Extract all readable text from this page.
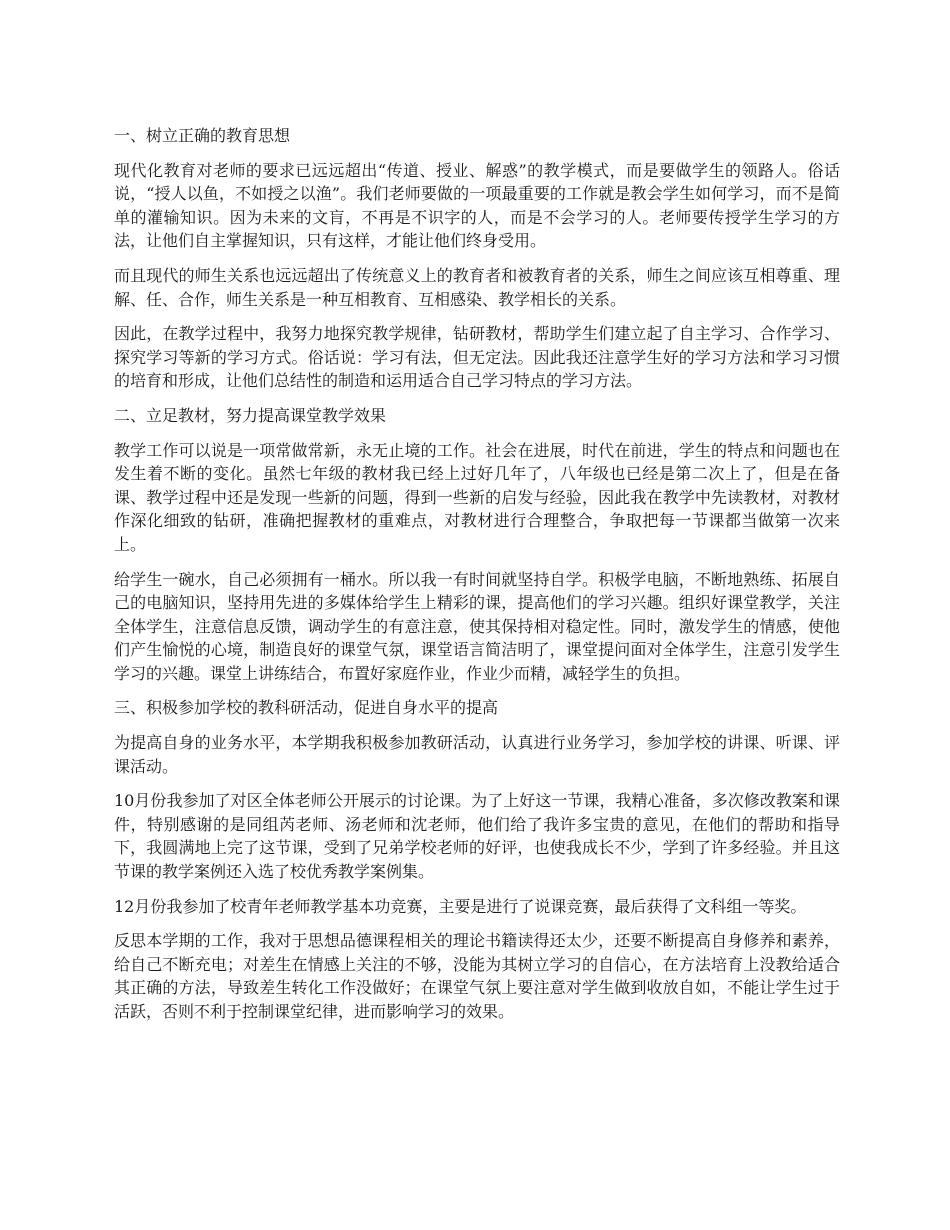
一、树立正确的教育思想

现代化教育对老师的要求已远远超出“传道、授业、解惑”的教学模式，而是要做学生的领路人。俗话说，“授人以鱼，不如授之以渔”。我们老师要做的一项最重要的工作就是教会学生如何学习，而不是简单的灌输知识。因为未来的文肓，不再是不识字的人，而是不会学习的人。老师要传授学生学习的方法，让他们自主掌握知识，只有这样，才能让他们终身受用。

而且现代的师生关系也远远超出了传统意义上的教育者和被教育者的关系，师生之间应该互相尊重、理解、任、合作，师生关系是一种互相教育、互相感染、教学相长的关系。

因此，在教学过程中，我努力地探究教学规律，钻研教材，帮助学生们建立起了自主学习、合作学习、探究学习等新的学习方式。俗话说：学习有法，但无定法。因此我还注意学生好的学习方法和学习习惯的培育和形成，让他们总结性的制造和运用适合自己学习特点的学习方法。

二、立足教材，努力提高课堂教学效果

教学工作可以说是一项常做常新，永无止境的工作。社会在进展，时代在前进，学生的特点和问题也在发生着不断的变化。虽然七年级的教材我已经上过好几年了，八年级也已经是第二次上了，但是在备课、教学过程中还是发现一些新的问题，得到一些新的启发与经验，因此我在教学中先读教材，对教材作深化细致的钻研，准确把握教材的重难点，对教材进行合理整合，争取把每一节课都当做第一次来上。

给学生一碗水，自己必须拥有一桶水。所以我一有时间就坚持自学。积极学电脑，不断地熟练、拓展自己的电脑知识，坚持用先进的多媒体给学生上精彩的课，提高他们的学习兴趣。组织好课堂教学，关注全体学生，注意信息反馈，调动学生的有意注意，使其保持相对稳定性。同时，激发学生的情感，使他们产生愉悦的心境，制造良好的课堂气氛，课堂语言简洁明了，课堂提问面对全体学生，注意引发学生学习的兴趣。课堂上讲练结合，布置好家庭作业，作业少而精，减轻学生的负担。

三、积极参加学校的教科研活动，促进自身水平的提高

为提高自身的业务水平，本学期我积极参加教研活动，认真进行业务学习，参加学校的讲课、听课、评课活动。

10月份我参加了对区全体老师公开展示的讨论课。为了上好这一节课，我精心准备，多次修改教案和课件，特别感谢的是同组芮老师、汤老师和沈老师，他们给了我许多宝贵的意见，在他们的帮助和指导下，我圆满地上完了这节课，受到了兄弟学校老师的好评，也使我成长不少，学到了许多经验。并且这节课的教学案例还入选了校优秀教学案例集。

12月份我参加了校青年老师教学基本功竞赛，主要是进行了说课竞赛，最后获得了文科组一等奖。

反思本学期的工作，我对于思想品德课程相关的理论书籍读得还太少，还要不断提高自身修养和素养，给自己不断充电；对差生在情感上关注的不够，没能为其树立学习的自信心，在方法培育上没教给适合其正确的方法，导致差生转化工作没做好；在课堂气氛上要注意对学生做到收放自如，不能让学生过于活跃，否则不利于控制课堂纪律，进而影响学习的效果。
